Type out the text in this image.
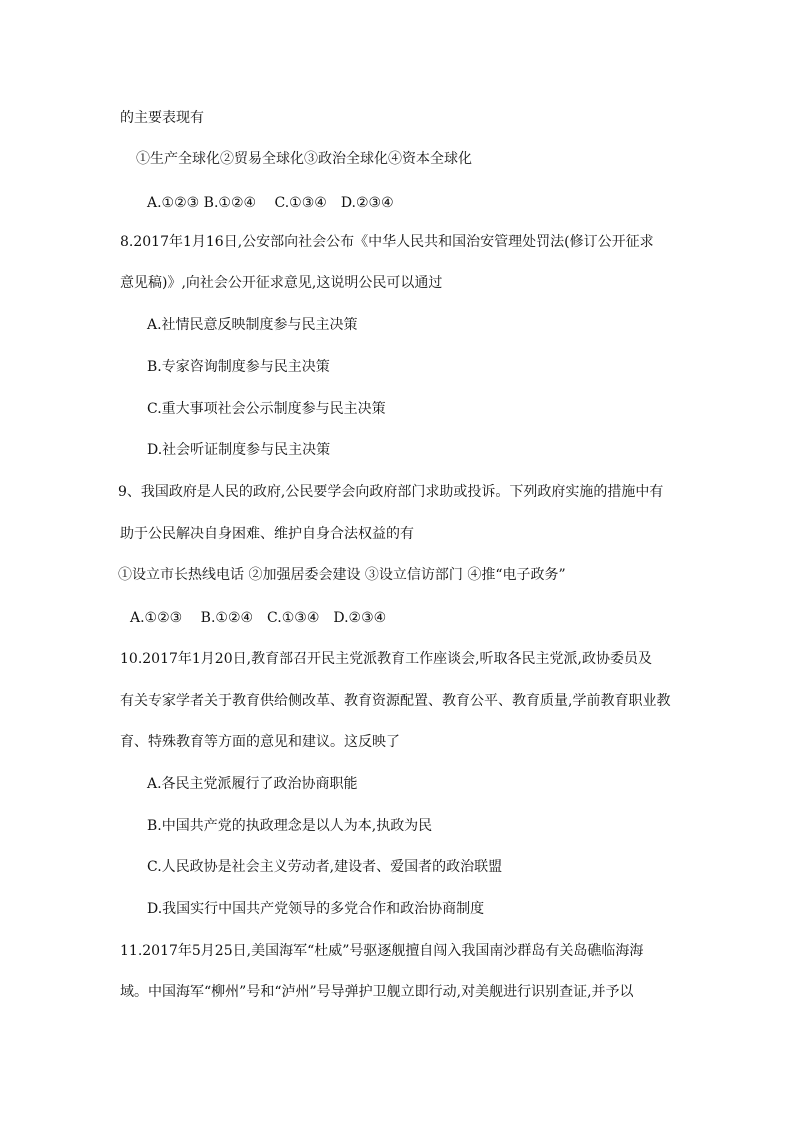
的主要表现有
①生产全球化②贸易全球化③政治全球化④资本全球化
A.①②③ B.①②④　 C.①③④　D.②③④
8.2017年1月16日,公安部向社会公布《中华人民共和国治安管理处罚法(修订公开征求
意见稿)》,向社会公开征求意见,这说明公民可以通过
A.社情民意反映制度参与民主决策
B.专家咨询制度参与民主决策
C.重大事项社会公示制度参与民主决策
D.社会听证制度参与民主决策
9、我国政府是人民的政府,公民要学会向政府部门求助或投诉。下列政府实施的措施中有
助于公民解决自身困难、维护自身合法权益的有
①设立市长热线电话 ②加强居委会建设 ③设立信访部门 ④推“电子政务”
A.①②③　 B.①②④　C.①③④　D.②③④
10.2017年1月20日,教育部召开民主党派教育工作座谈会,听取各民主党派,政协委员及
有关专家学者关于教育供给侧改革、教育资源配置、教育公平、教育质量,学前教育职业教
育、特殊教育等方面的意见和建议。这反映了
A.各民主党派履行了政治协商职能
B.中国共产党的执政理念是以人为本,执政为民
C.人民政协是社会主义劳动者,建设者、爱国者的政治联盟
D.我国实行中国共产党领导的多党合作和政治协商制度
11.2017年5月25日,美国海军“杜威”号驱逐舰擅自闯入我国南沙群岛有关岛礁临海海
域。中国海军“柳州”号和“泸州”号导弹护卫舰立即行动,对美舰进行识别查证,并予以
